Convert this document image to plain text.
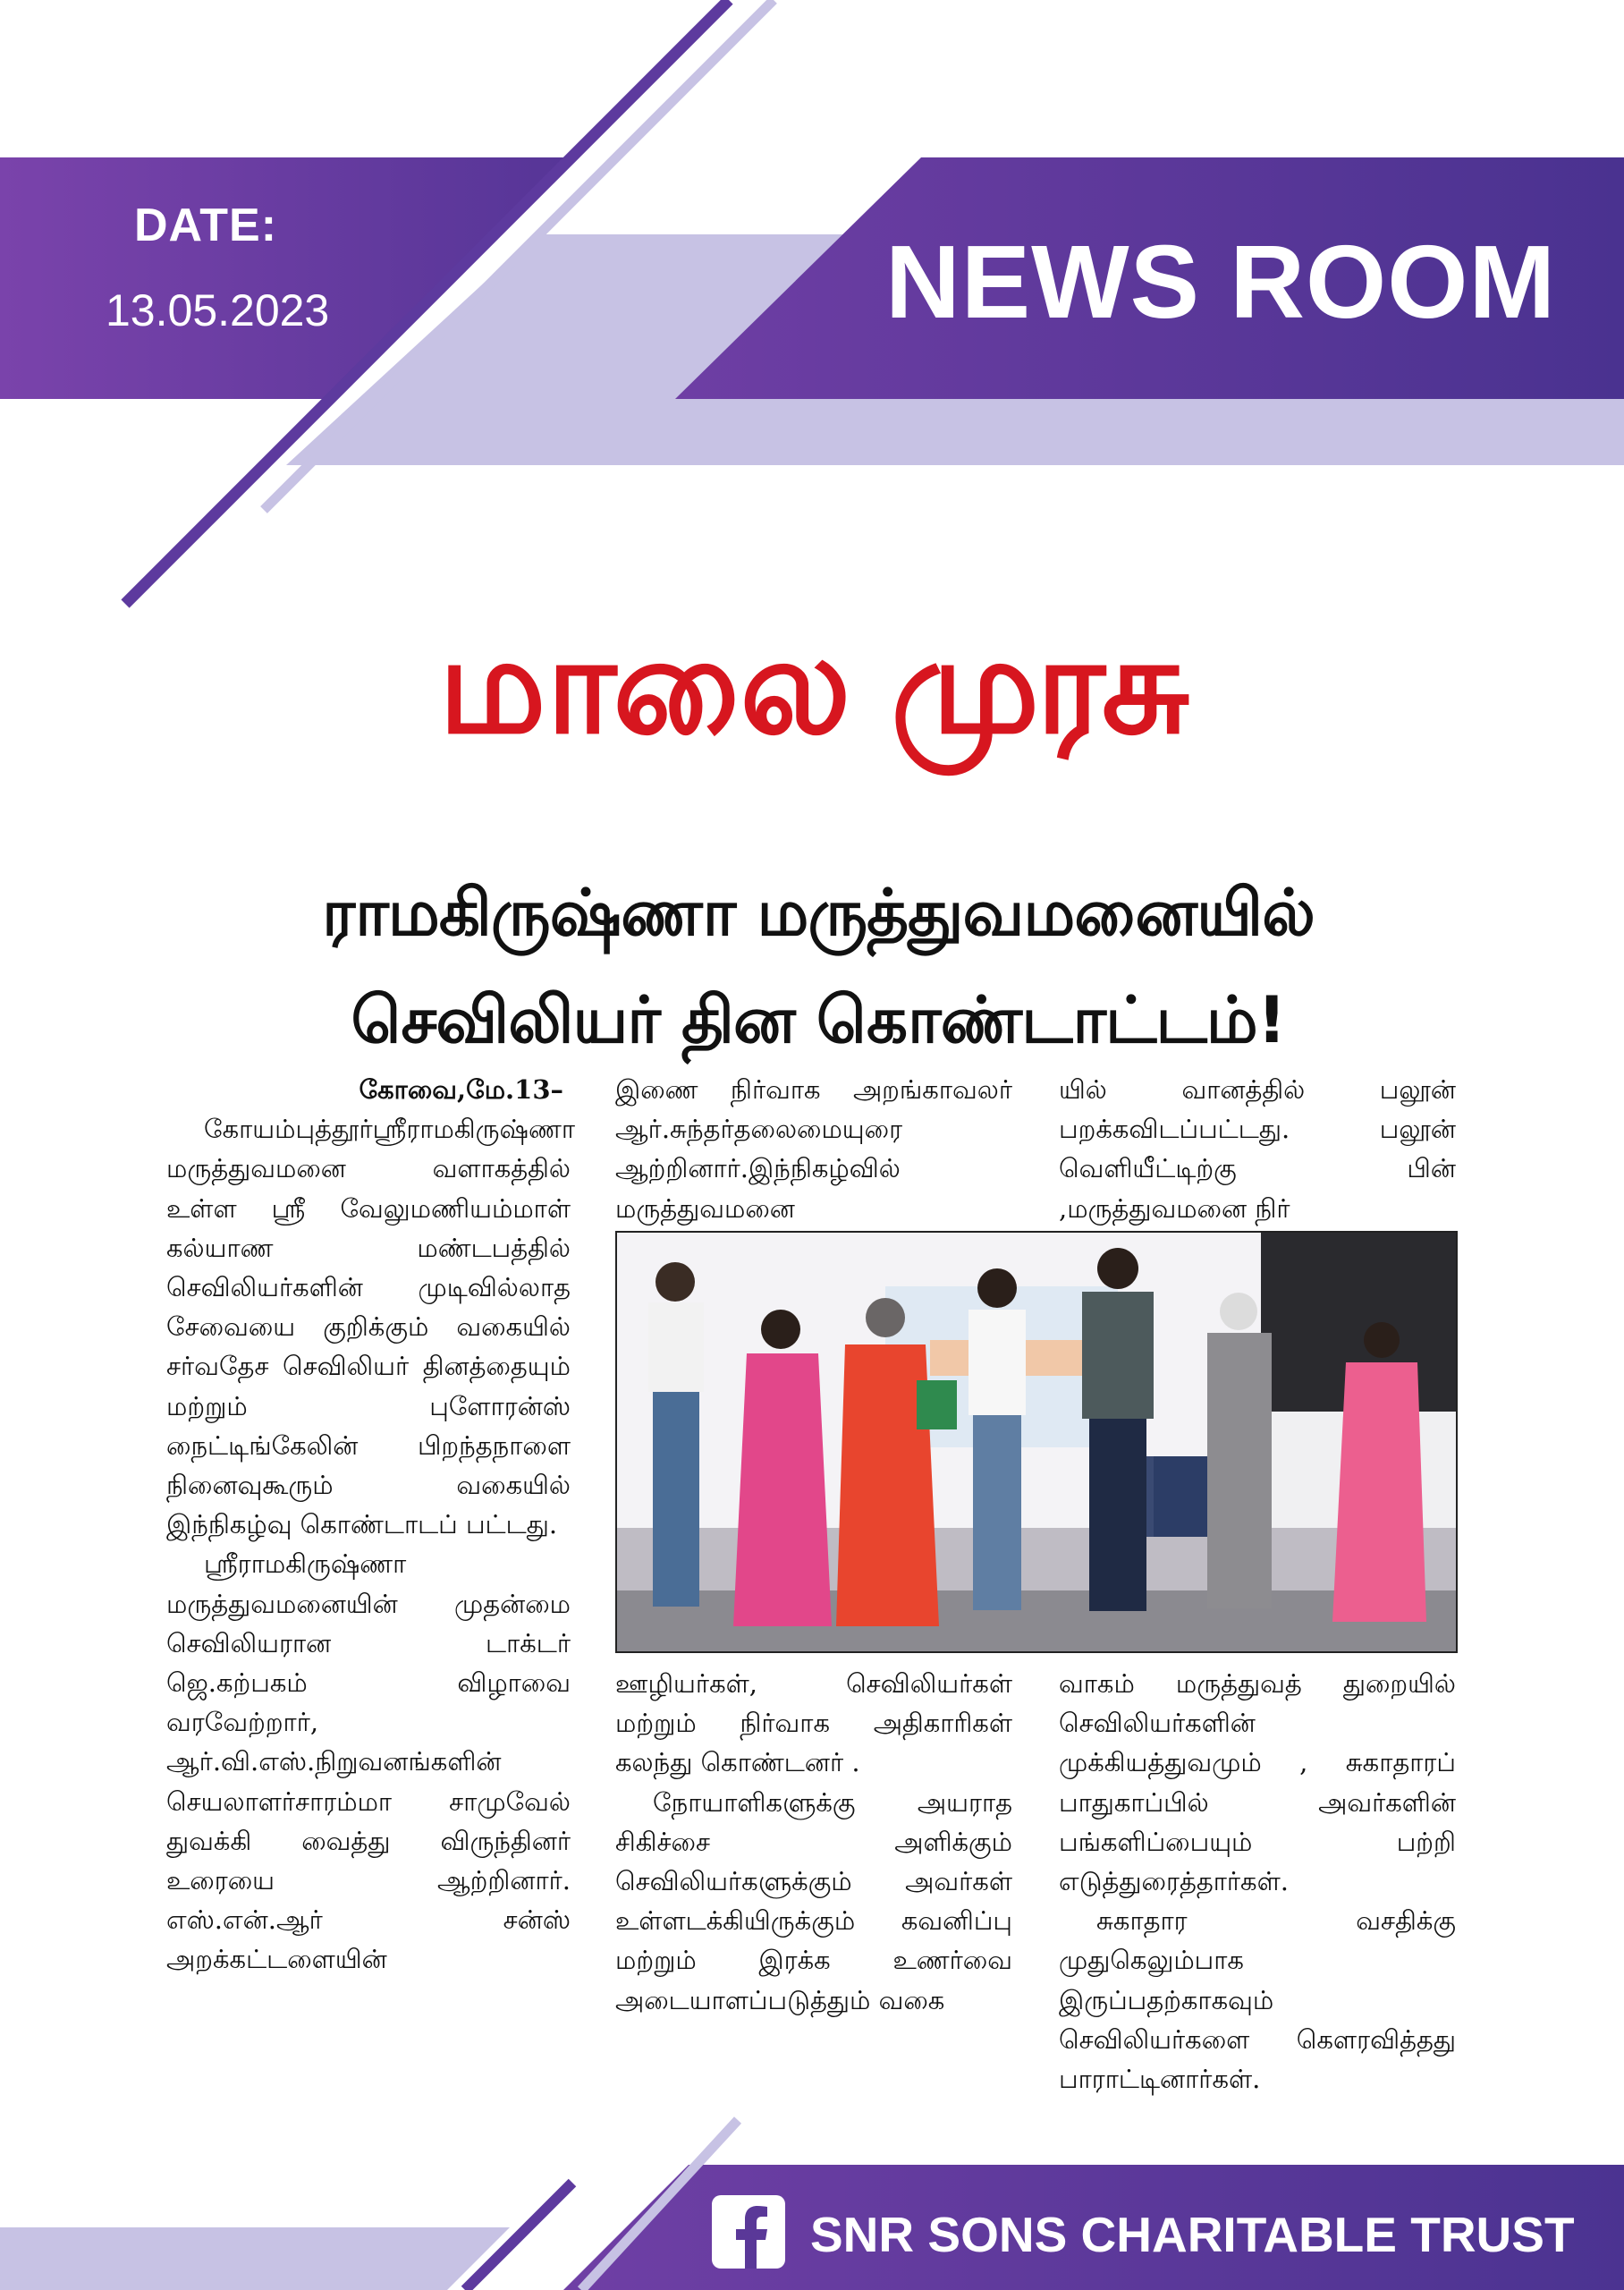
DATE:
13.05.2023	NEWS ROOM
மாலை முரசு
ராமகிருஷ்ணா மருத்துவமனையில்
செவிலியர் தின கொண்டாட்டம்!

கோவை,மே.13–

கோயம்புத்தூர்ஸ்ரீராமகிருஷ்ணா மருத்துவமனை வளாகத்தில் உள்ள ஸ்ரீ வேலுமணியம்மாள் கல்யாண மண்டபத்தில் செவிலியர்களின் முடிவில்லாத சேவையை குறிக்கும் வகையில் சர்வதேச செவிலியர் தினத்தையும் மற்றும் புளோரன்ஸ் நைட்டிங்கேலின் பிறந்தநாளை நினைவுகூரும் வகையில் இந்நிகழ்வு கொண்டாடப் பட்டது.

ஸ்ரீராமகிருஷ்ணா மருத்துவமனையின் முதன்மை செவிலியரான டாக்டர் ஜெ.கற்பகம் விழாவை வரவேற்றார், ஆர்.வி.எஸ்.நிறுவனங்களின் செயலாளர்சாரம்மா சாமுவேல் துவக்கி வைத்து விருந்தினர் உரையை ஆற்றினார். எஸ்.என்.ஆர் சன்ஸ் அறக்கட்டளையின்

இணை நிர்வாக அறங்காவலர் ஆர்.சுந்தர்தலைமையுரை ஆற்றினார்.இந்நிகழ்வில் மருத்துவமனை

யில் வானத்தில் பலூன் பறக்கவிடப்பட்டது. பலூன் வெளியீட்டிற்கு பின் ,மருத்துவமனை நிர்

ஊழியர்கள், செவிலியர்கள் மற்றும் நிர்வாக அதிகாரிகள் கலந்து கொண்டனர் .

நோயாளிகளுக்கு அயராத சிகிச்சை அளிக்கும் செவிலியர்களுக்கும் அவர்கள் உள்ளடக்கியிருக்கும் கவனிப்பு மற்றும் இரக்க உணர்வை அடையாளப்படுத்தும் வகை

வாகம் மருத்துவத் துறையில் செவிலியர்களின் முக்கியத்துவமும் , சுகாதாரப் பாதுகாப்பில் அவர்களின் பங்களிப்பையும் பற்றி எடுத்துரைத்தார்கள்.

சுகாதார வசதிக்கு முதுகெலும்பாக இருப்பதற்காகவும் செவிலியர்களை கௌரவித்தது பாராட்டினார்கள்.

SNR SONS CHARITABLE TRUST
